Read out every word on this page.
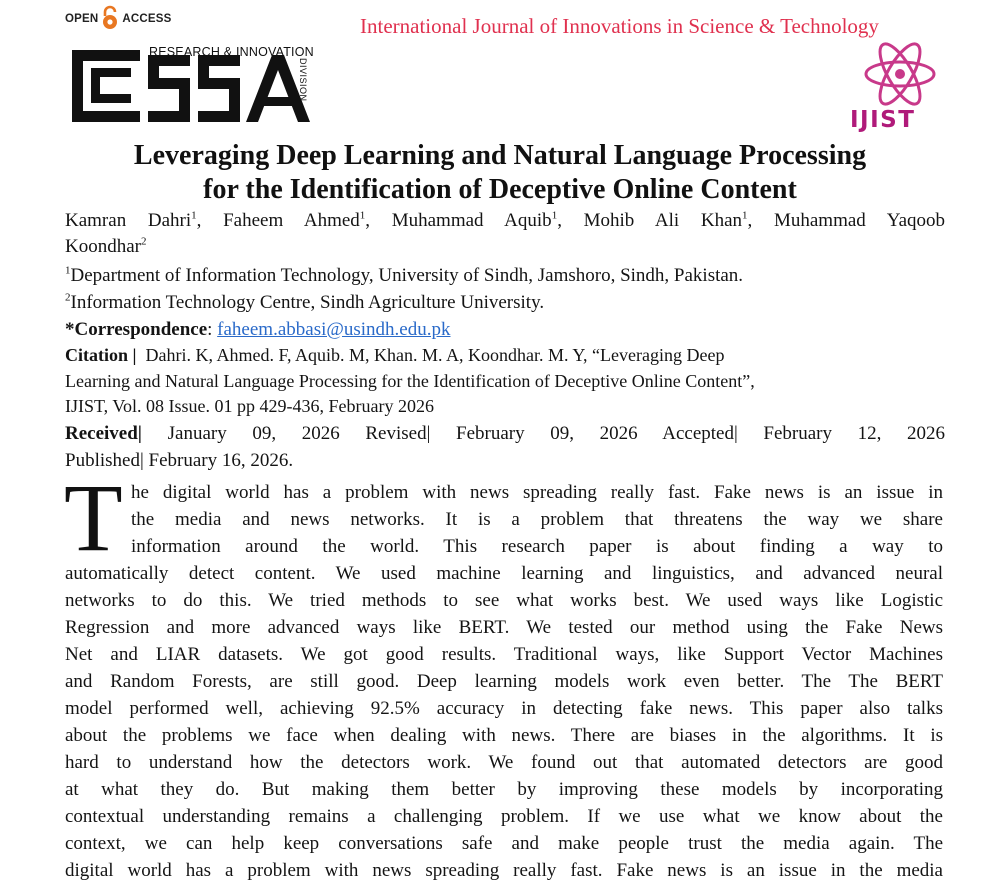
OPEN ACCESS	International Journal of Innovations in Science & Technology
RESEARCH & INNOVATION
DIVISION
IJIST
Leveraging Deep Learning and Natural Language Processing
for the Identification of Deceptive Online Content
Kamran Dahri$^1$, Faheem Ahmed$^1$, Muhammad Aquib$^1$, Mohib Ali Khan$^1$, Muhammad Yaqoob
Koondhar$^2$
$^1$Department of Information Technology, University of Sindh, Jamshoro, Sindh, Pakistan.
$^2$Information Technology Centre, Sindh Agriculture University.
*Correspondence: faheem.abbasi@usindh.edu.pk
Citation | Dahri. K, Ahmed. F, Aquib. M, Khan. M. A, Koondhar. M. Y, “Leveraging Deep
Learning and Natural Language Processing for the Identification of Deceptive Online Content”,
IJIST, Vol. 08 Issue. 01 pp 429-436, February 2026
Received| January 09, 2026 Revised| February 09, 2026 Accepted| February 12, 2026
Published| February 16, 2026.
T he digital world has a problem with news spreading really fast. Fake news is an issue in
the media and news networks. It is a problem that threatens the way we share
information around the world. This research paper is about finding a way to
automatically detect content. We used machine learning and linguistics, and advanced neural
networks to do this. We tried methods to see what works best. We used ways like Logistic
Regression and more advanced ways like BERT. We tested our method using the Fake News
Net and LIAR datasets. We got good results. Traditional ways, like Support Vector Machines
and Random Forests, are still good. Deep learning models work even better. The The BERT
model performed well, achieving 92.5% accuracy in detecting fake news. This paper also talks
about the problems we face when dealing with news. There are biases in the algorithms. It is
hard to understand how the detectors work. We found out that automated detectors are good
at what they do. But making them better by improving these models by incorporating
contextual understanding remains a challenging problem. If we use what we know about the
context, we can help keep conversations safe and make people trust the media again. The
digital world has a problem with news spreading really fast. Fake news is an issue in the media
